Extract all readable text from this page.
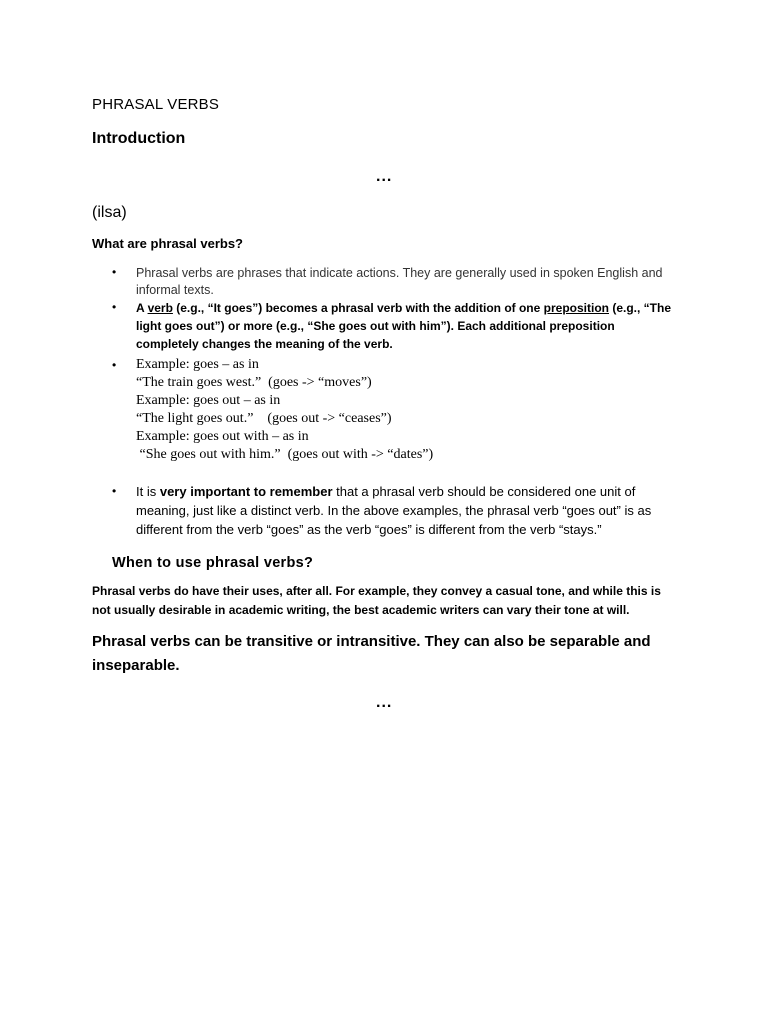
PHRASAL VERBS

Introduction

...

(ilsa)

What are phrasal verbs?

• Phrasal verbs are phrases that indicate actions. They are generally used in spoken English and informal texts.

• A verb (e.g., “It goes”) becomes a phrasal verb with the addition of one preposition (e.g., “The light goes out”) or more (e.g., “She goes out with him”). Each additional preposition completely changes the meaning of the verb.

• Example: goes – as in
“The train goes west.”  (goes -> “moves”)
Example: goes out – as in
“The light goes out.”    (goes out -> “ceases”)
Example: goes out with – as in
“She goes out with him.”  (goes out with -> “dates”)
• It is very important to remember that a phrasal verb should be considered one unit of meaning, just like a distinct verb. In the above examples, the phrasal verb “goes out” is as different from the verb “goes” as the verb “goes” is different from the verb “stays.”

When to use phrasal verbs?

Phrasal verbs do have their uses, after all. For example, they convey a casual tone, and while this is not usually desirable in academic writing, the best academic writers can vary their tone at will.

Phrasal verbs can be transitive or intransitive. They can also be separable and inseparable.

...
